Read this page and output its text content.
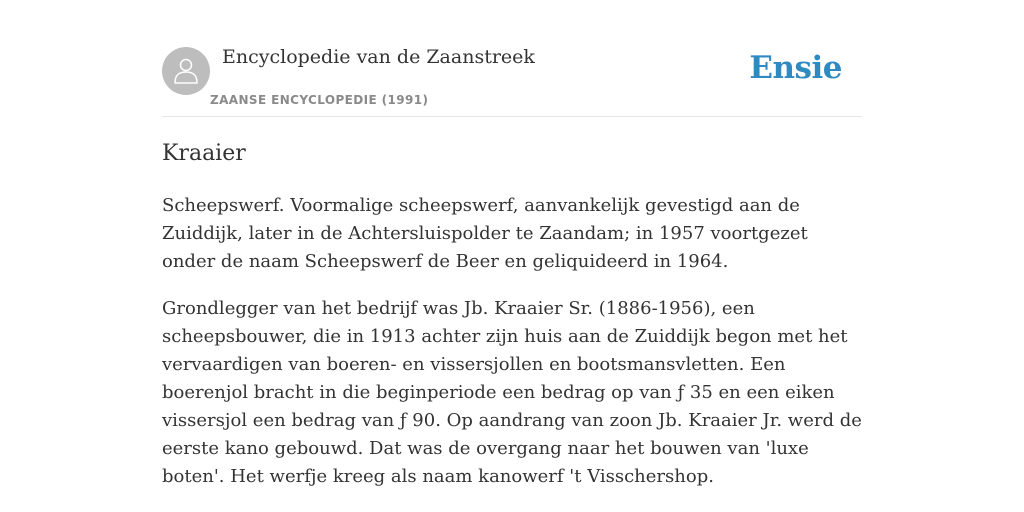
Encyclopedie van de Zaanstreek
ZAANSE ENCYCLOPEDIE (1991)
Ensie
Kraaier

Scheepswerf. Voormalige scheepswerf, aanvankelijk gevestigd aan de Zuiddijk, later in de Achtersluispolder te Zaandam; in 1957 voortgezet onder de naam Scheepswerf de Beer en geliquideerd in 1964.

Grondlegger van het bedrijf was Jb. Kraaier Sr. (1886-1956), een scheepsbouwer, die in 1913 achter zijn huis aan de Zuiddijk begon met het vervaardigen van boeren- en vissersjollen en bootsmansvletten. Een boerenjol bracht in die beginperiode een bedrag op van ƒ 35 en een eiken vissersjol een bedrag van ƒ 90. Op aandrang van zoon Jb. Kraaier Jr. werd de eerste kano gebouwd. Dat was de overgang naar het bouwen van 'luxe boten'. Het werfje kreeg als naam kanowerf 't Visschershop.
